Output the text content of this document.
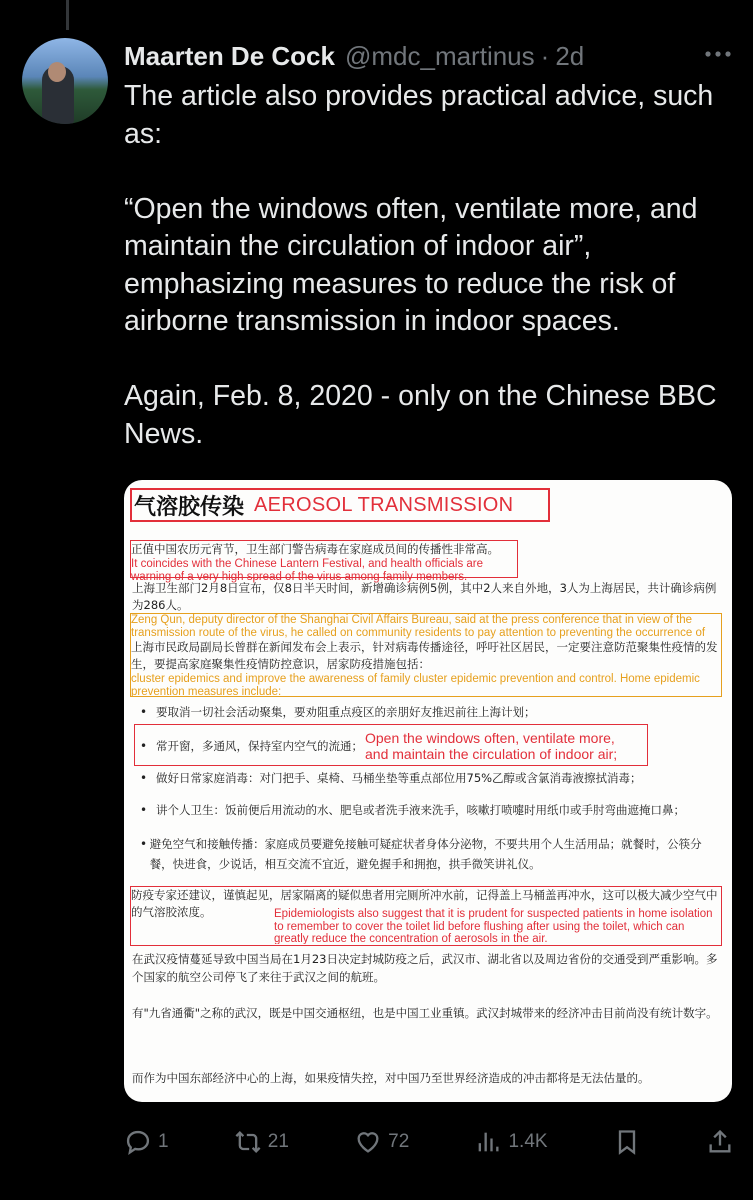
Maarten De Cock @mdc_martinus · 2d

The article also provides practical advice, such as:

“Open the windows often, ventilate more, and maintain the circulation of indoor air”, emphasizing measures to reduce the risk of airborne transmission in indoor spaces.

Again, Feb. 8, 2020 - only on the Chinese BBC News.

气溶胶传染 AEROSOL TRANSMISSION
正值中国农历元宵节，卫生部门警告病毒在家庭成员间的传播性非常高。
It coincides with the Chinese Lantern Festival, and health officials are warning of a very high spread of the virus among family members.
上海卫生部门2月8日宣布，仅8日半天时间，新增确诊病例5例，其中2人来自外地，3人为上海居民，共计确诊病例为286人。
Zeng Qun, deputy director of the Shanghai Civil Affairs Bureau, said at the press conference that in view of the transmission route of the virus, he called on community residents to pay attention to preventing the occurrence of
上海市民政局副局长曾群在新闻发布会上表示，针对病毒传播途径，呼吁社区居民，一定要注意防范聚集性疫情的发生，要提高家庭聚集性疫情防控意识，居家防疫措施包括：
cluster epidemics and improve the awareness of family cluster epidemic prevention and control. Home epidemic prevention measures include:
• 要取消一切社会活动聚集，要劝阻重点疫区的亲朋好友推迟前往上海计划；
• 常开窗，多通风，保持室内空气的流通； Open the windows often, ventilate more, and maintain the circulation of indoor air;
• 做好日常家庭消毒：对门把手、桌椅、马桶坐垫等重点部位用75%乙醇或含氯消毒液擦拭消毒；
• 讲个人卫生：饭前便后用流动的水、肥皂或者洗手液来洗手，咳嗽打喷嚏时用纸巾或手肘弯曲遮掩口鼻；
• 避免空气和接触传播：家庭成员要避免接触可疑症状者身体分泌物，不要共用个人生活用品；就餐时，公筷分餐，快进食，少说话，相互交流不宜近，避免握手和拥抱，拱手微笑讲礼仪。
防疫专家还建议，谨慎起见，居家隔离的疑似患者用完厕所冲水前，记得盖上马桶盖再冲水，这可以极大减少空气中的气溶胶浓度。	Epidemiologists also suggest that it is prudent for suspected patients in home isolation to remember to cover the toilet lid before flushing after using the toilet, which can greatly reduce the concentration of aerosols in the air.
在武汉疫情蔓延导致中国当局在1月23日决定封城防疫之后，武汉市、湖北省以及周边省份的交通受到严重影响。多个国家的航空公司停飞了来往于武汉之间的航班。
有"九省通衢"之称的武汉，既是中国交通枢纽，也是中国工业重镇。武汉封城带来的经济冲击目前尚没有统计数字。
而作为中国东部经济中心的上海，如果疫情失控，对中国乃至世界经济造成的冲击都将是无法估量的。
1	21	72	1.4K
